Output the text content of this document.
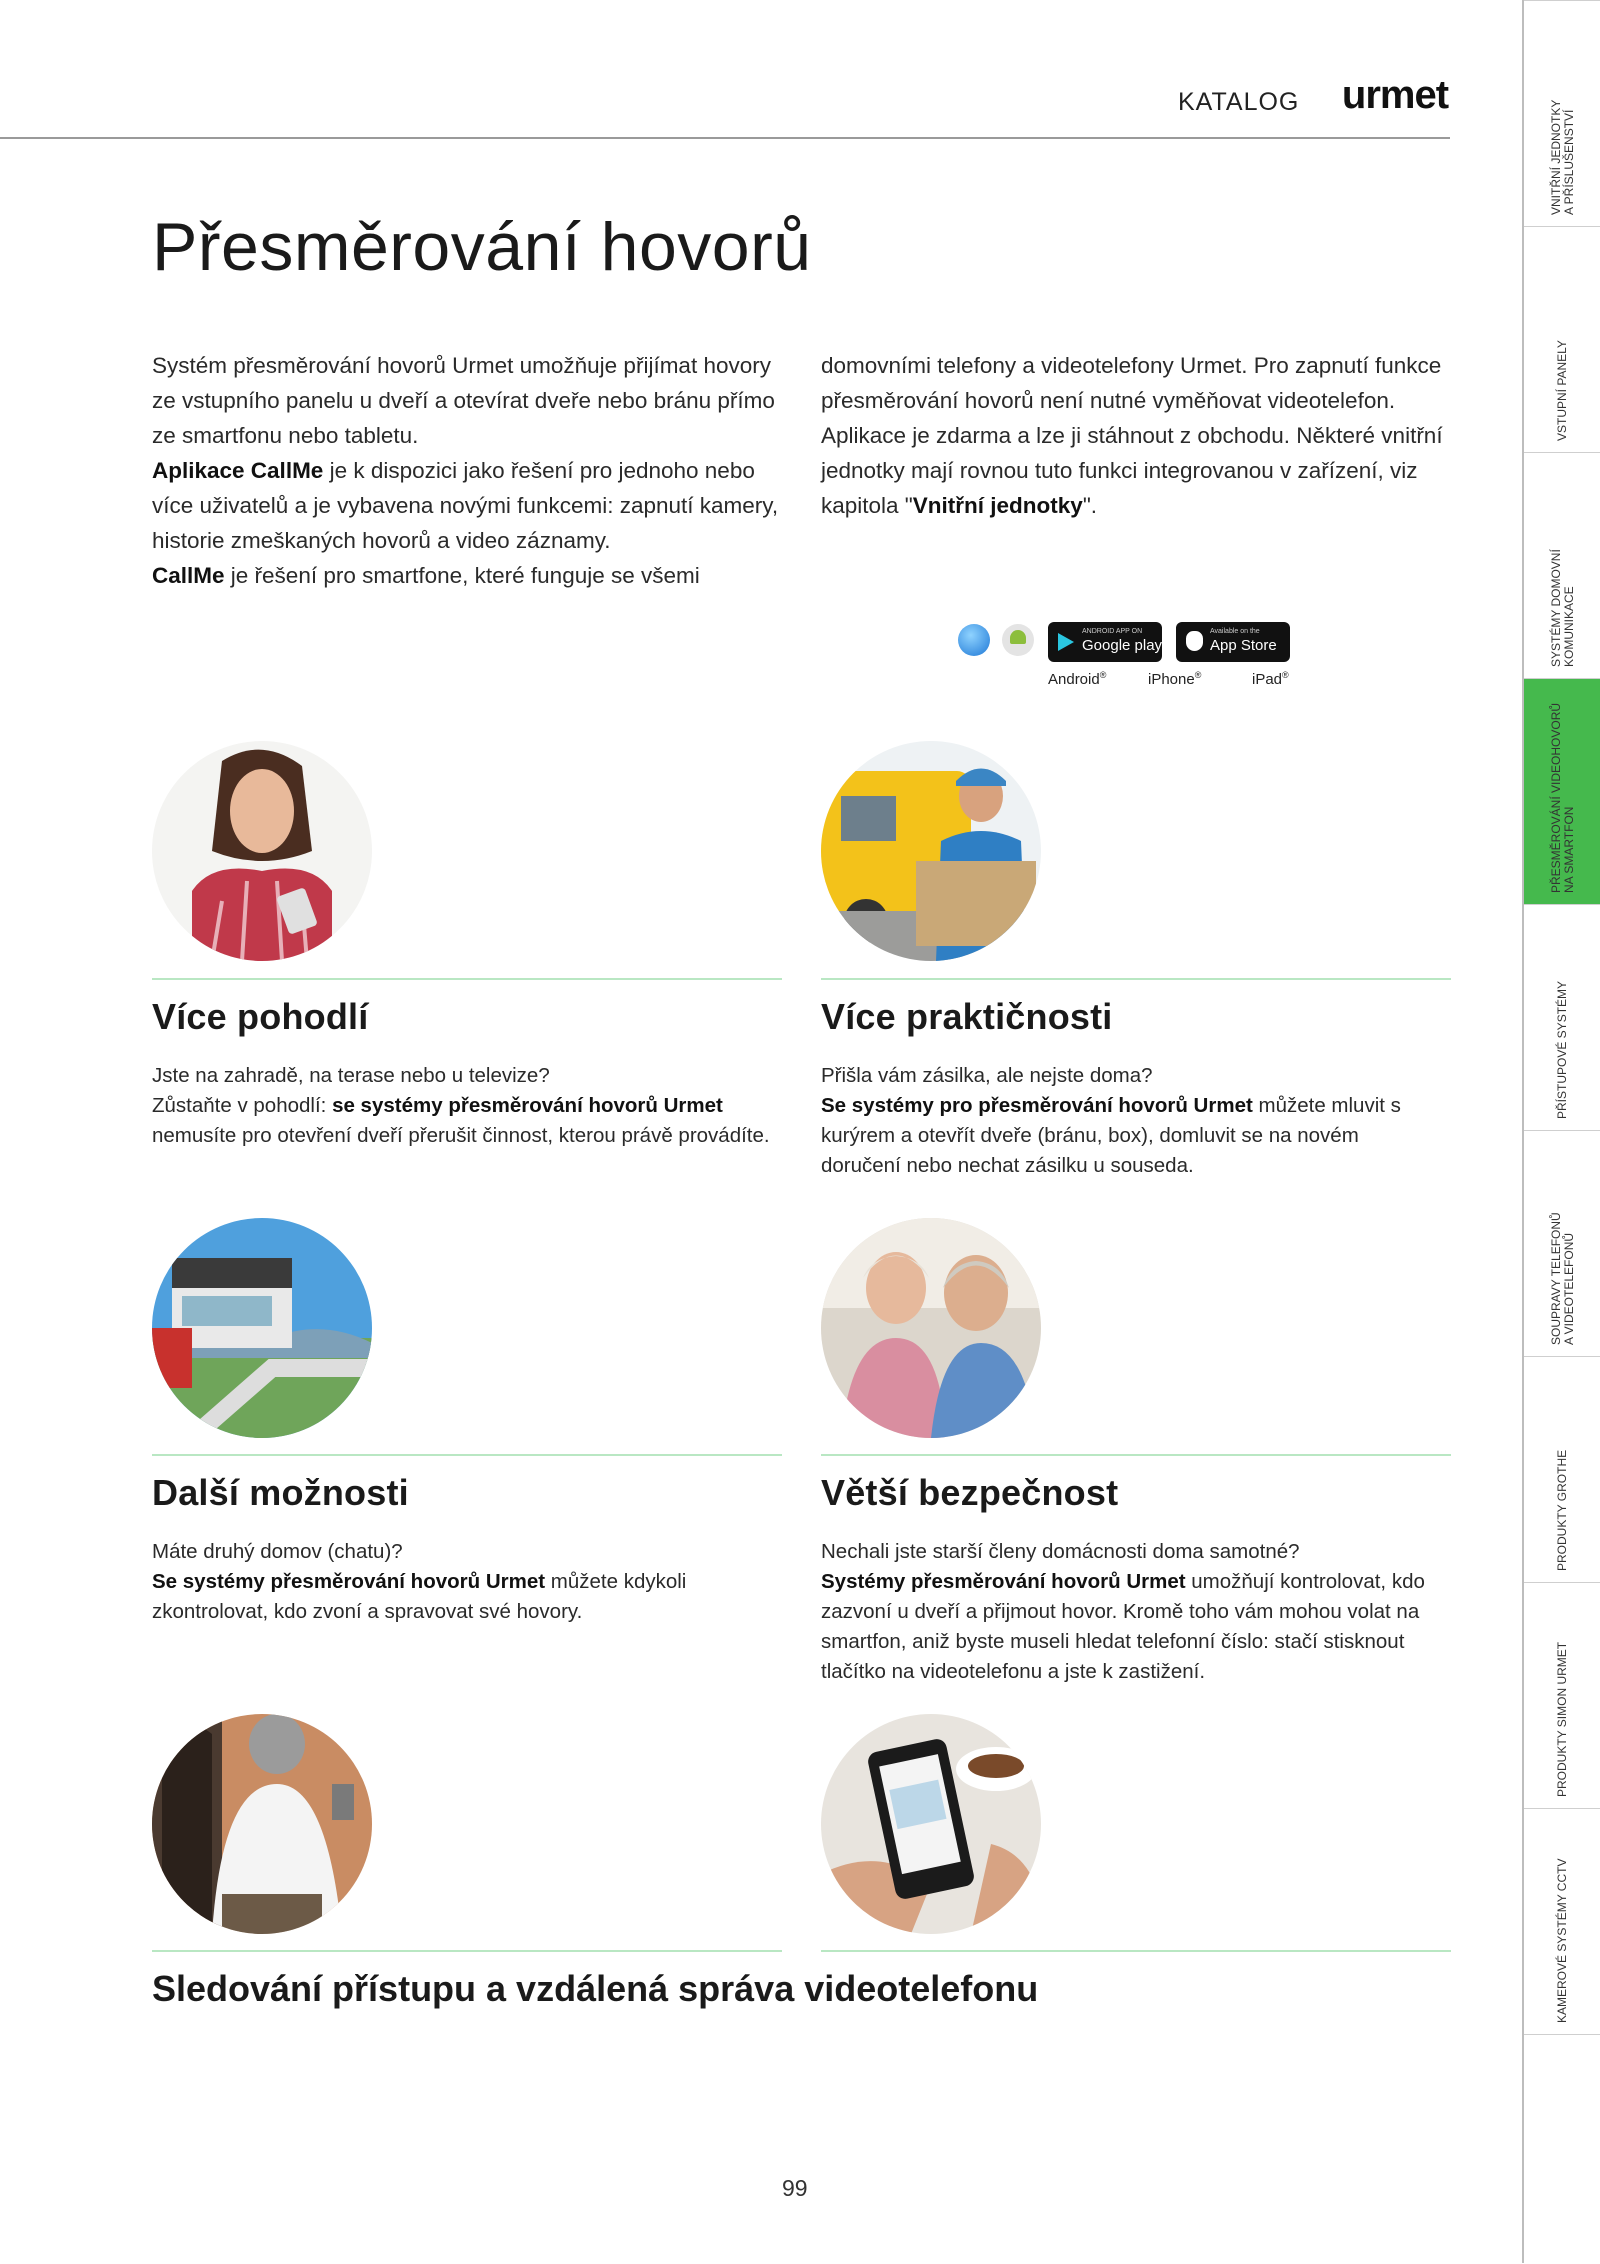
KATALOG urmet
Přesměrování hovorů

Systém přesměrování hovorů Urmet umožňuje přijímat hovory ze vstupního panelu u dveří a otevírat dveře nebo bránu přímo ze smartfonu nebo tabletu.

Aplikace CallMe je k dispozici jako řešení pro jednoho nebo více uživatelů a je vybavena novými funkcemi: zapnutí kamery, historie zmeškaných hovorů a video záznamy.

CallMe je řešení pro smartfone, které funguje se všemi

domovními telefony a videotelefony Urmet. Pro zapnutí funkce přesměrování hovorů není nutné vyměňovat videotelefon.

Aplikace je zdarma a lze ji stáhnout z obchodu. Některé vnitřní jednotky mají rovnou tuto funkci integrovanou v zařízení, viz kapitola "Vnitřní jednotky".

ANDROID APP ON
Google play
Available on the
App Store
Android®	iPhone®	iPad®
Více pohodlí

Jste na zahradě, na terase nebo u televize?

Zůstaňte v pohodlí: se systémy přesměrování hovorů Urmet

nemusíte pro otevření dveří přerušit činnost, kterou právě provádíte.

Více praktičnosti

Přišla vám zásilka, ale nejste doma?

Se systémy pro přesměrování hovorů Urmet můžete mluvit s kurýrem a otevřít dveře (bránu, box), domluvit se na novém doručení nebo nechat zásilku u souseda.

Další možnosti

Máte druhý domov (chatu)?

Se systémy přesměrování hovorů Urmet můžete kdykoli zkontrolovat, kdo zvoní a spravovat své hovory.

Větší bezpečnost

Nechali jste starší členy domácnosti doma samotné?

Systémy přesměrování hovorů Urmet umožňují kontrolovat, kdo zazvoní u dveří a přijmout hovor. Kromě toho vám mohou volat na smartfon, aniž byste museli hledat telefonní číslo: stačí stisknout tlačítko na videotelefonu a jste k zastižení.

Sledování přístupu a vzdálená správa videotelefonu
99
VNITŘNÍ JEDNOTKY A PŘÍSLUŠENSTVÍ
VSTUPNÍ PANELY
SYSTÉMY DOMOVNÍ KOMUNIKACE
PŘESMĚROVÁNÍ VIDEOHOVORŮ NA SMARTFON
PŘÍSTUPOVÉ SYSTÉMY
SOUPRAVY TELEFONŮ A VIDEOTELEFONŮ
PRODUKTY GROTHE
PRODUKTY SIMON URMET
KAMEROVÉ SYSTÉMY CCTV
